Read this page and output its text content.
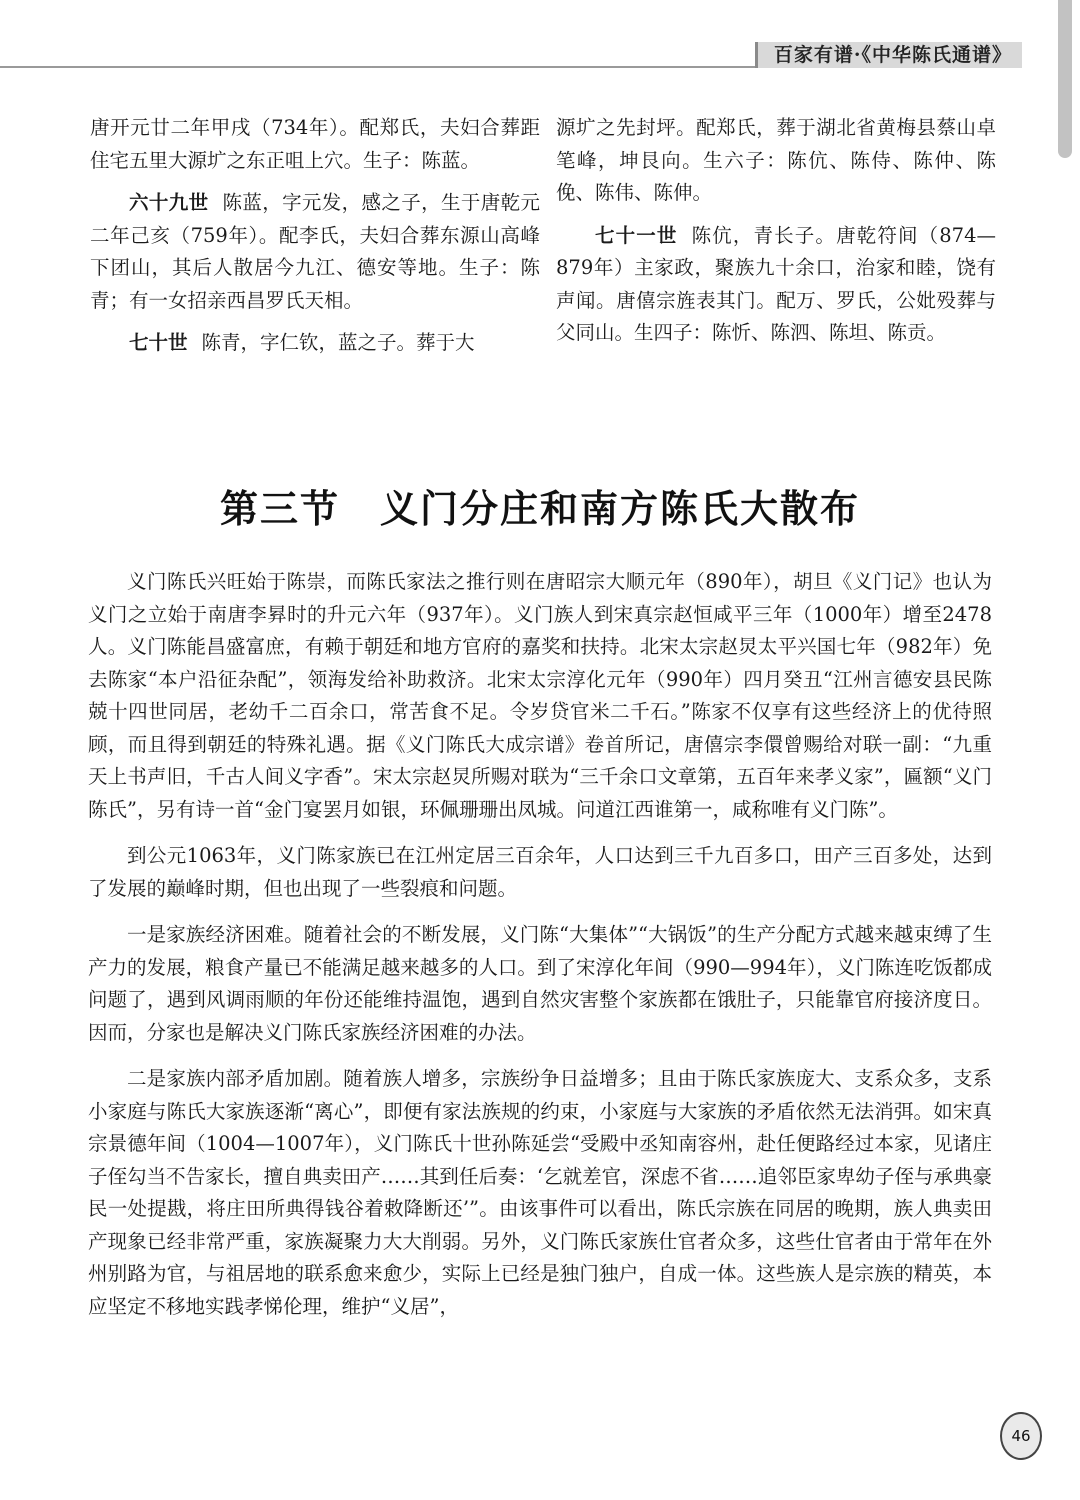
百家有谱·《中华陈氏通谱》

唐开元廿二年甲戌（734年）。配郑氏，夫妇合葬距住宅五里大源圹之东正咀上穴。生子：陈蓝。

六十九世 陈蓝，字元发，感之子，生于唐乾元二年己亥（759年）。配李氏，夫妇合葬东源山高峰下团山，其后人散居今九江、德安等地。生子：陈青；有一女招亲西昌罗氏天相。

七十世 陈青，字仁钦，蓝之子。葬于大

源圹之先封坪。配郑氏，葬于湖北省黄梅县蔡山卓笔峰，坤艮向。生六子：陈伉、陈侍、陈仲、陈俛、陈伟、陈伸。

七十一世 陈伉，青长子。唐乾符间（874—879年）主家政，聚族九十余口，治家和睦，饶有声闻。唐僖宗旌表其门。配万、罗氏，公妣殁葬与父同山。生四子：陈忻、陈泗、陈坦、陈贡。

第三节　义门分庄和南方陈氏大散布

义门陈氏兴旺始于陈崇，而陈氏家法之推行则在唐昭宗大顺元年（890年），胡旦《义门记》也认为义门之立始于南唐李昪时的升元六年（937年）。义门族人到宋真宗赵恒咸平三年（1000年）增至2478人。义门陈能昌盛富庶，有赖于朝廷和地方官府的嘉奖和扶持。北宋太宗赵炅太平兴国七年（982年）免去陈家“本户沿征杂配”，领海发给补助救济。北宋太宗淳化元年（990年）四月癸丑“江州言德安县民陈兢十四世同居，老幼千二百余口，常苦食不足。令岁贷官米二千石。”陈家不仅享有这些经济上的优待照顾，而且得到朝廷的特殊礼遇。据《义门陈氏大成宗谱》卷首所记，唐僖宗李儇曾赐给对联一副：“九重天上书声旧，千古人间义字香”。宋太宗赵炅所赐对联为“三千余口文章第，五百年来孝义家”，匾额“义门陈氏”，另有诗一首“金门宴罢月如银，环佩珊珊出凤城。问道江西谁第一，咸称唯有义门陈”。

到公元1063年，义门陈家族已在江州定居三百余年，人口达到三千九百多口，田产三百多处，达到了发展的巅峰时期，但也出现了一些裂痕和问题。

一是家族经济困难。随着社会的不断发展，义门陈“大集体”“大锅饭”的生产分配方式越来越束缚了生产力的发展，粮食产量已不能满足越来越多的人口。到了宋淳化年间（990—994年），义门陈连吃饭都成问题了，遇到风调雨顺的年份还能维持温饱，遇到自然灾害整个家族都在饿肚子，只能靠官府接济度日。因而，分家也是解决义门陈氏家族经济困难的办法。

二是家族内部矛盾加剧。随着族人增多，宗族纷争日益增多；且由于陈氏家族庞大、支系众多，支系小家庭与陈氏大家族逐渐“离心”，即便有家法族规的约束，小家庭与大家族的矛盾依然无法消弭。如宋真宗景德年间（1004—1007年），义门陈氏十世孙陈延尝“受殿中丞知南容州，赴任便路经过本家，见诸庄子侄勾当不告家长，擅自典卖田产……其到任后奏：‘乞就差官，深虑不省……追邻臣家卑幼子侄与承典豪民一处提戡，将庄田所典得钱谷着敕降断还’”。由该事件可以看出，陈氏宗族在同居的晚期，族人典卖田产现象已经非常严重，家族凝聚力大大削弱。另外，义门陈氏家族仕官者众多，这些仕官者由于常年在外州别路为官，与祖居地的联系愈来愈少，实际上已经是独门独户，自成一体。这些族人是宗族的精英，本应坚定不移地实践孝悌伦理，维护“义居”，

46
